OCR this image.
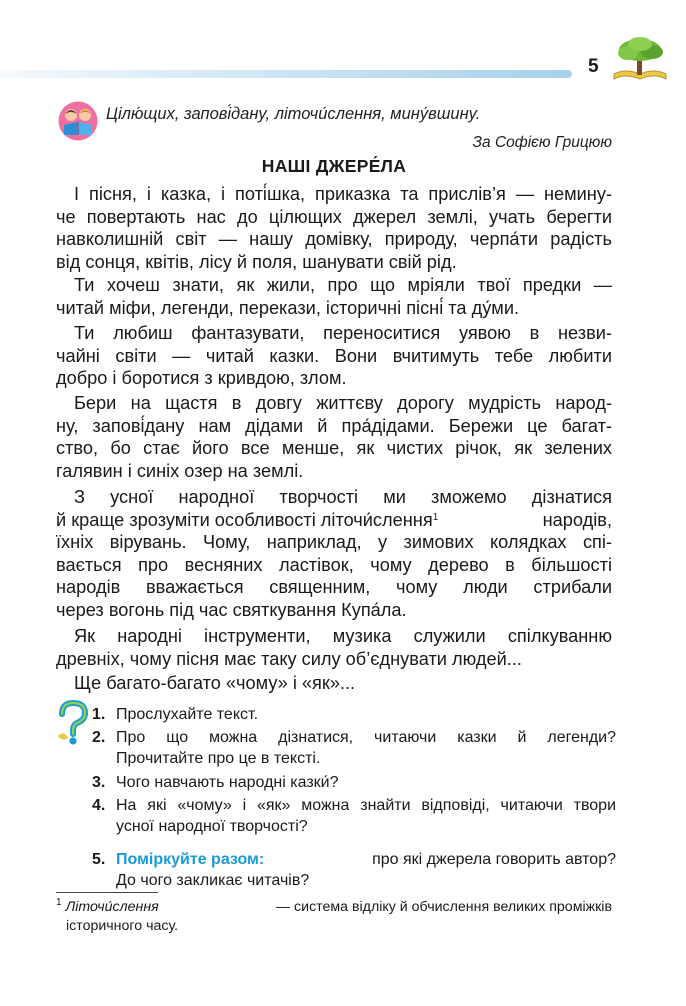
5
Цілю́щих, запові́дану, літочи́слення, мину́вшину.
За Софією Грицюю
НАШІ ДЖЕРЕ́ЛА
І пісня, і казка, і поті́шка, приказка та прислів’я — немину-
че повертають нас до цілющих джерел землі, учать берегти
навколишній світ — нашу домівку, природу, черпа́ти радість
від сонця, квітів, лісу й поля, шанувати свій рід.
Ти хочеш знати, як жили, про що мріяли твої предки —
читай міфи, легенди, перекази, історичні пісні́ та ду́ми.
Ти любиш фантазувати, переноситися уявою в незви-
чайні світи — читай казки. Вони вчитимуть тебе любити
добро і боротися з кривдою, злом.
Бери на щастя в довгу життєву дорогу мудрість народ-
ну, запові́дану нам дідами й пра́дідами. Бережи це багат-
ство, бо стає його все менше, як чистих річок, як зелених
галявин і синіх озер на землі.
З усної народної творчості ми зможемо дізнатися
й краще зрозуміти особливості літочи́слення$^1$	народів,
їхніх вірувань. Чому, наприклад, у зимових колядках спі-
вається про весняних ластівок, чому дерево в більшості
народів вважається священним, чому люди стрибали
через вогонь під час святкування Купа́ла.
Як народні інструменти, музика служили спілкуванню
древніх, чому пісня має таку силу об’єднувати людей...
Ще багато-багато «чому» і «як»...
1. Прослухайте текст.
2. Про що можна дізнатися, читаючи казки й легенди?
Прочитайте про це в тексті.
3. Чого навчають народні казки́?
4. На які «чому» і «як» можна знайти відповіді, читаючи твори
усної народної творчості?
5. Поміркуйте разом:	про які джерела говорить автор?
До чого закликає читачів?
$^1$ Літочи́слення	— система відліку й обчислення великих проміжків
історичного часу.
